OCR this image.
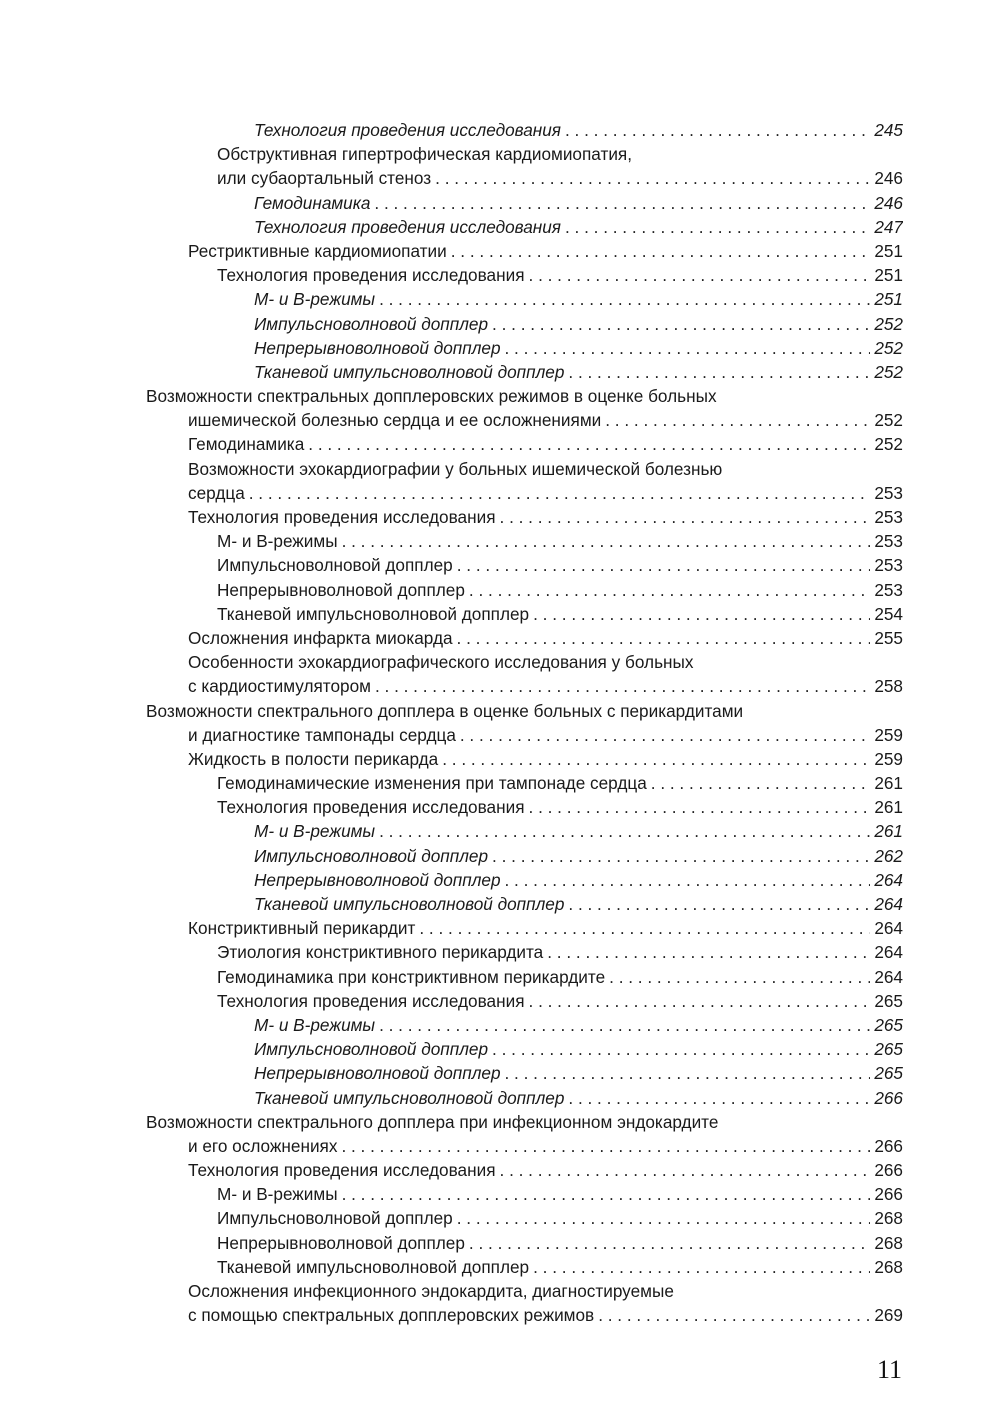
Технология проведения исследования . . .	245
Обструктивная гипертрофическая кардиомиопатия,
или субаортальный стеноз . . .	246
Гемодинамика . . .	246
Технология проведения исследования . . .	247
Рестриктивные кардиомиопатии . . .	251
Технология проведения исследования . . .	251
М- и В-режимы . . .	251
Импульсноволновой допплер . . .	252
Непрерывноволновой допплер . . .	252
Тканевой импульсноволновой допплер . . .	252
Возможности спектральных допплеровских режимов в оценке больных
ишемической болезнью сердца и ее осложнениями . . .	252
Гемодинамика . . .	252
Возможности эхокардиографии у больных ишемической болезнью
сердца . . .	253
Технология проведения исследования . . .	253
М- и В-режимы . . .	253
Импульсноволновой допплер . . .	253
Непрерывноволновой допплер . . .	253
Тканевой импульсноволновой допплер . . .	254
Осложнения инфаркта миокарда . . .	255
Особенности эхокардиографического исследования у больных
с кардиостимулятором . . .	258
Возможности спектрального допплера в оценке больных с перикардитами
и диагностике тампонады сердца . . .	259
Жидкость в полости перикарда . . .	259
Гемодинамические изменения при тампонаде сердца . . .	261
Технология проведения исследования . . .	261
М- и В-режимы . . .	261
Импульсноволновой допплер . . .	262
Непрерывноволновой допплер . . .	264
Тканевой импульсноволновой допплер . . .	264
Констриктивный перикардит . . .	264
Этиология констриктивного перикардита . . .	264
Гемодинамика при констриктивном перикардите . . .	264
Технология проведения исследования . . .	265
М- и В-режимы . . .	265
Импульсноволновой допплер . . .	265
Непрерывноволновой допплер . . .	265
Тканевой импульсноволновой допплер . . .	266
Возможности спектрального допплера при инфекционном эндокардите
и его осложнениях . . .	266
Технология проведения исследования . . .	266
М- и В-режимы . . .	266
Импульсноволновой допплер . . .	268
Непрерывноволновой допплер . . .	268
Тканевой импульсноволновой допплер . . .	268
Осложнения инфекционного эндокардита, диагностируемые
с помощью спектральных допплеровских режимов . . .	269
11
